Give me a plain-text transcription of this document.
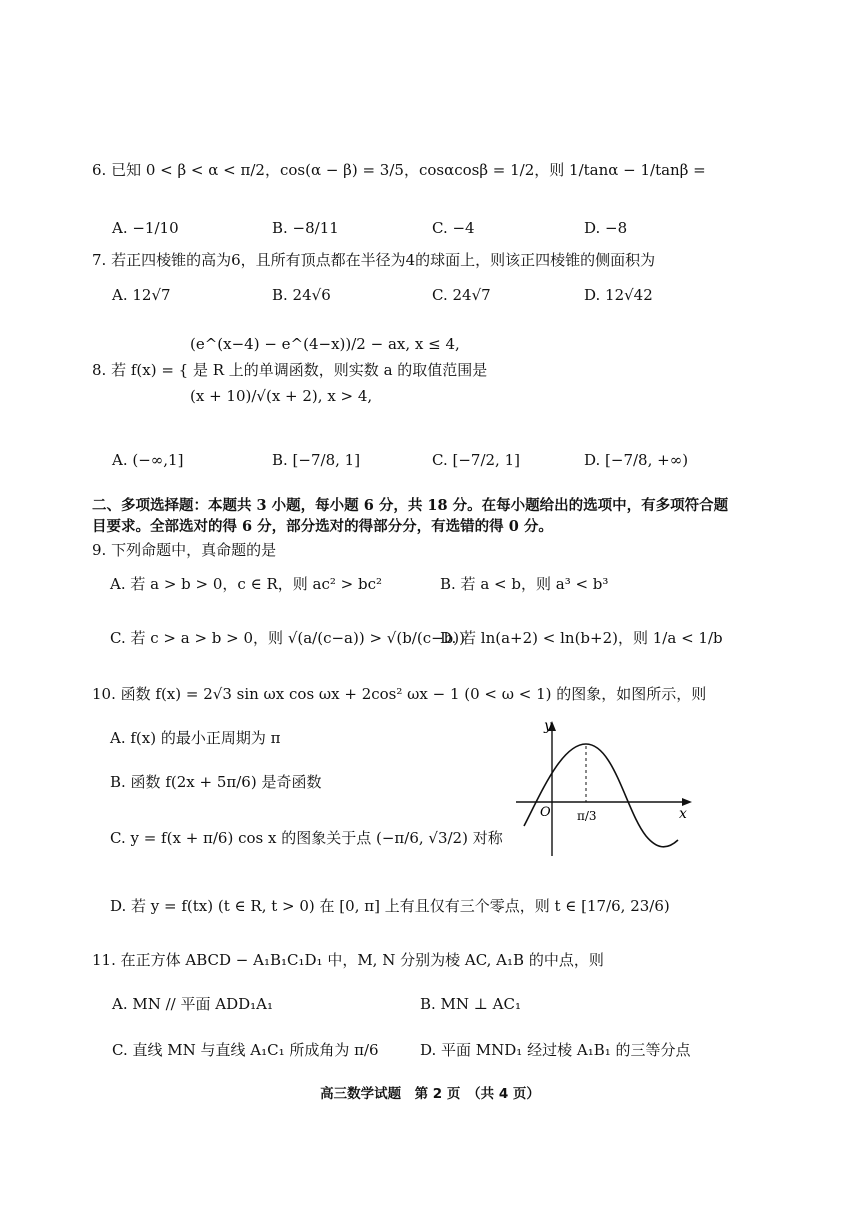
6. 已知 0 < β < α < π/2，cos(α − β) = 3/5，cosαcosβ = 1/2，则 1/tanα − 1/tanβ =
A. −1/10	B. −8/11	C. −4	D. −8
7. 若正四棱锥的高为6，且所有顶点都在半径为4的球面上，则该正四棱锥的侧面积为
A. 12√7	B. 24√6	C. 24√7	D. 12√42
(e^(x−4) − e^(4−x))/2 − ax, x ≤ 4,
8. 若 f(x) = { 是 R 上的单调函数，则实数 a 的取值范围是
(x + 10)/√(x + 2), x > 4,
A. (−∞,1]	B. [−7/8, 1]	C. [−7/2, 1]	D. [−7/8, +∞)
二、多项选择题：本题共 3 小题，每小题 6 分，共 18 分。在每小题给出的选项中，有多项符合题
目要求。全部选对的得 6 分，部分选对的得部分分，有选错的得 0 分。
9. 下列命题中，真命题的是
A. 若 a > b > 0，c ∈ R，则 ac² > bc²	B. 若 a < b，则 a³ < b³
C. 若 c > a > b > 0，则 √(a/(c−a)) > √(b/(c−b))
D. 若 ln(a+2) < ln(b+2)，则 1/a < 1/b
10. 函数 f(x) = 2√3 sin ωx cos ωx + 2cos² ωx − 1 (0 < ω < 1) 的图象，如图所示，则
A. f(x) 的最小正周期为 π
B. 函数 f(2x + 5π/6) 是奇函数
C. y = f(x + π/6) cos x 的图象关于点 (−π/6, √3/2) 对称
D. 若 y = f(tx) (t ∈ R, t > 0) 在 [0, π] 上有且仅有三个零点，则 t ∈ [17/6, 23/6)
y
x
O π/3
11. 在正方体 ABCD − A₁B₁C₁D₁ 中，M, N 分别为棱 AC, A₁B 的中点，则
A. MN // 平面 ADD₁A₁	B. MN ⊥ AC₁
C. 直线 MN 与直线 A₁C₁ 所成角为 π/6	D. 平面 MND₁ 经过棱 A₁B₁ 的三等分点
高三数学试题　第 2 页　（共 4 页）
